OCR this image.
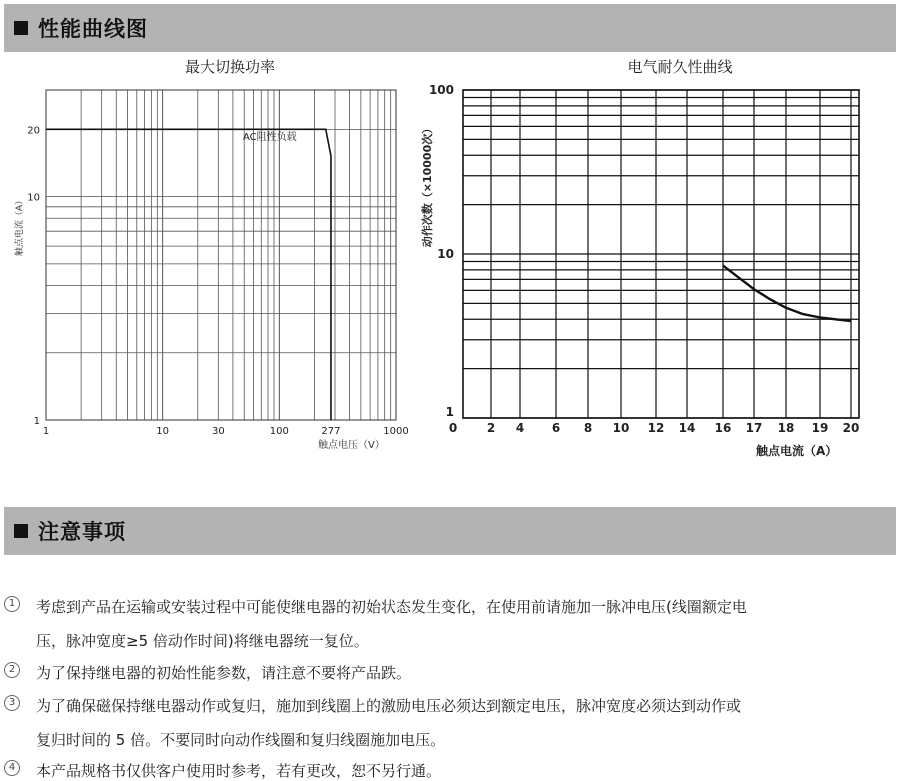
性能曲线图
最大切换功率	电气耐久性曲线
1	10	30	100	277	1000
1
10
20
触点电流（A）
触点电压（V）
AC阻性负载
0 2 4 6 8 10 12 14 16 17 18 19 20
1
10
100
动作次数（×10000次）
触点电流（A）
注意事项
1	考虑到产品在运输或安装过程中可能使继电器的初始状态发生变化，在使用前请施加一脉冲电压(线圈额定电
压，脉冲宽度≥5 倍动作时间)将继电器统一复位。
2	为了保持继电器的初始性能参数，请注意不要将产品跌。
3	为了确保磁保持继电器动作或复归，施加到线圈上的激励电压必须达到额定电压，脉冲宽度必须达到动作或
复归时间的 5 倍。不要同时向动作线圈和复归线圈施加电压。
4	本产品规格书仅供客户使用时参考，若有更改，恕不另行通。
